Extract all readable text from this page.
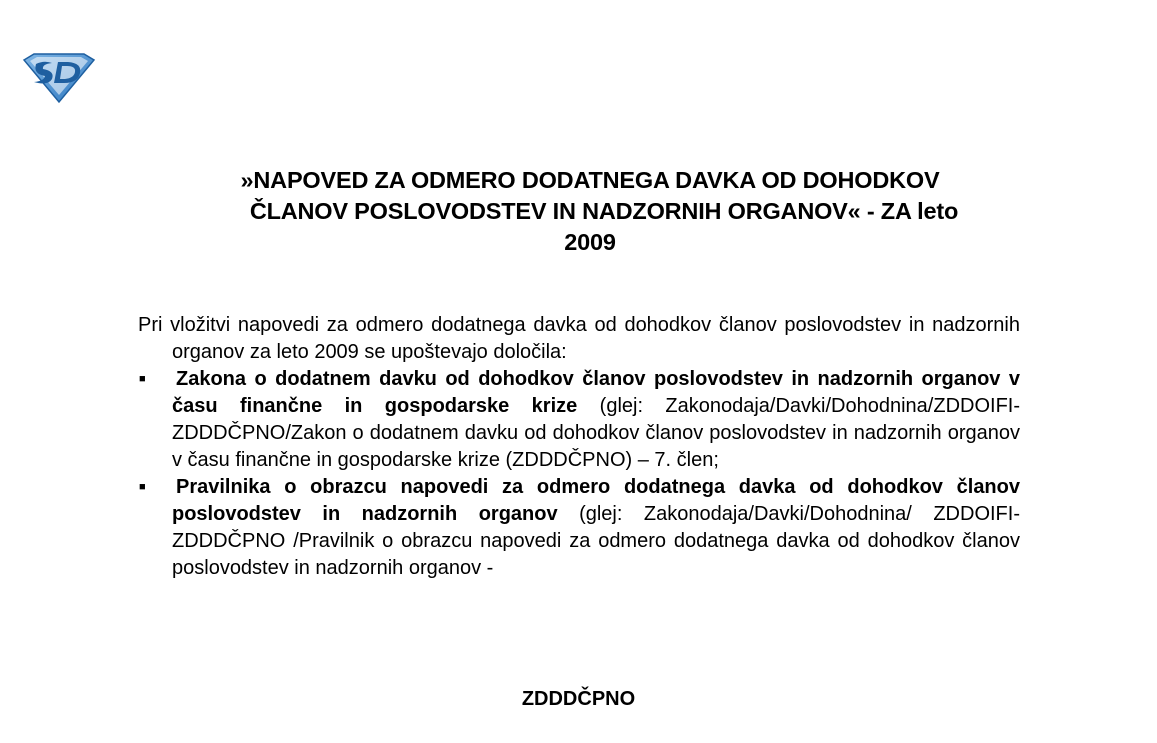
»NAPOVED ZA ODMERO DODATNEGA DAVKA OD DOHODKOV
ČLANOV POSLOVODSTEV IN NADZORNIH ORGANOV« - ZA leto
2009
Pri vložitvi napovedi za odmero dodatnega davka od dohodkov članov poslovodstev in nadzornih organov za leto 2009 se upoštevajo določila:
■ Zakona o dodatnem davku od dohodkov članov poslovodstev in nadzornih organov v času finančne in gospodarske krize (glej: Zakonodaja/Davki/Dohodnina/ZDDOIFI-ZDDDČPNO/Zakon o dodatnem davku od dohodkov članov poslovodstev in nadzornih organov v času finančne in gospodarske krize (ZDDDČPNO) – 7. člen;
■ Pravilnika o obrazcu napovedi za odmero dodatnega davka od dohodkov članov poslovodstev in nadzornih organov (glej: Zakonodaja/Davki/Dohodnina/ ZDDOIFI-ZDDDČPNO /Pravilnik o obrazcu napovedi za odmero dodatnega davka od dohodkov članov poslovodstev in nadzornih organov -
ZDDDČPNO
